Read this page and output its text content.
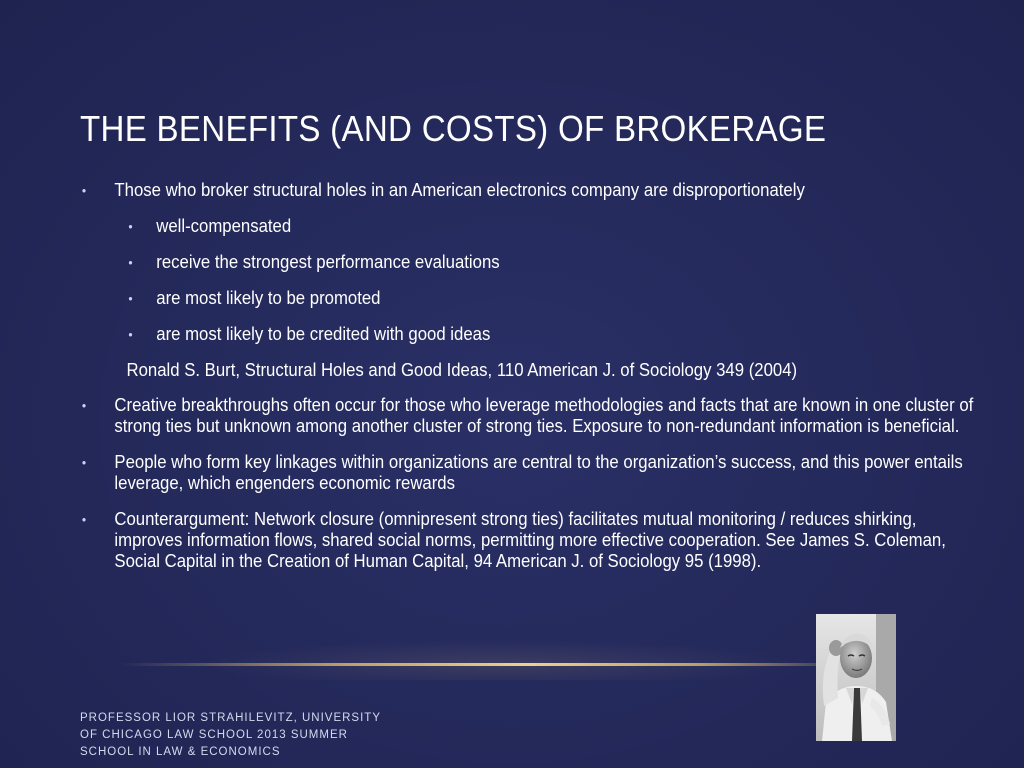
THE BENEFITS (AND COSTS) OF BROKERAGE
• Those who broker structural holes in an American electronics company are disproportionately
• well-compensated
• receive the strongest performance evaluations
• are most likely to be promoted
• are most likely to be credited with good ideas
Ronald S. Burt, Structural Holes and Good Ideas, 110 American J. of Sociology 349 (2004)
• Creative breakthroughs often occur for those who leverage methodologies and facts that are known in one cluster of strong ties but unknown among another cluster of strong ties. Exposure to non-redundant information is beneficial.
• People who form key linkages within organizations are central to the organization’s success, and this power entails leverage, which engenders economic rewards
• Counterargument: Network closure (omnipresent strong ties) facilitates mutual monitoring / reduces shirking, improves information flows, shared social norms, permitting more effective cooperation. See James S. Coleman, Social Capital in the Creation of Human Capital, 94 American J. of Sociology 95 (1998).
PROFESSOR LIOR STRAHILEVITZ, UNIVERSITY
OF CHICAGO LAW SCHOOL 2013 SUMMER
SCHOOL IN LAW & ECONOMICS
